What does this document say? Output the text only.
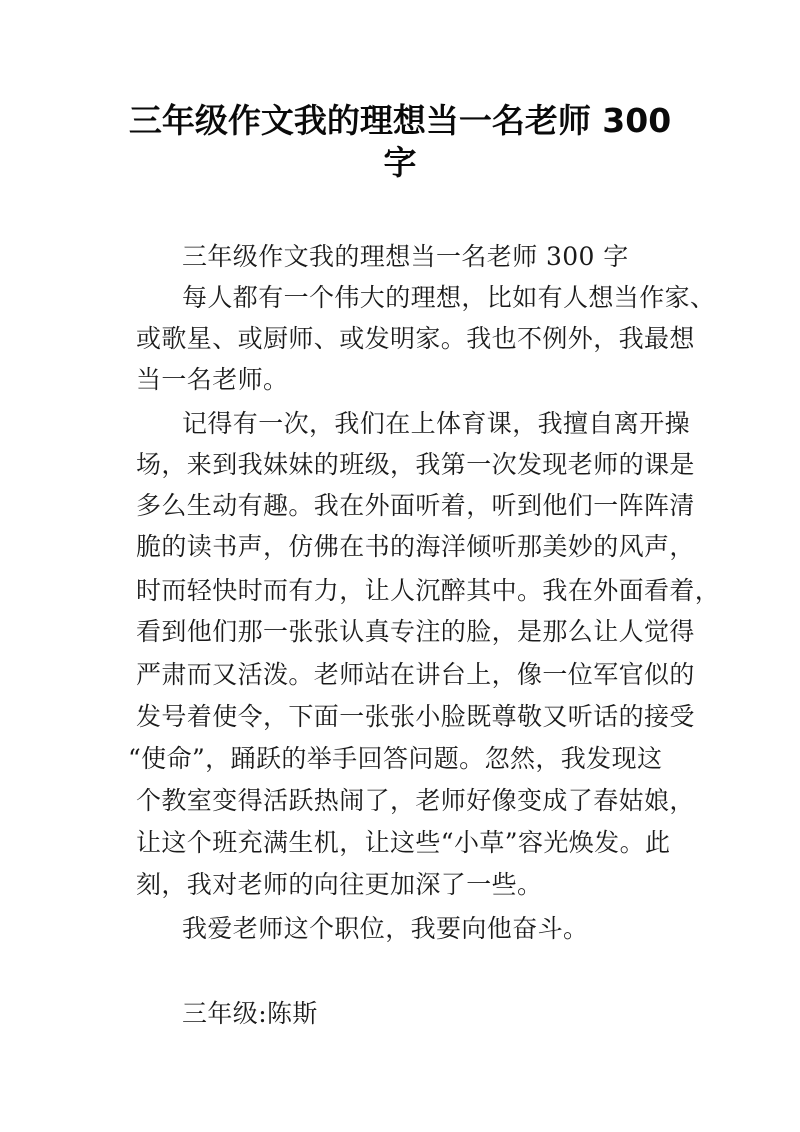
三年级作文我的理想当一名老师 300
字
三年级作文我的理想当一名老师 300 字
每人都有一个伟大的理想，比如有人想当作家、
或歌星、或厨师、或发明家。我也不例外，我最想
当一名老师。
记得有一次，我们在上体育课，我擅自离开操
场，来到我妹妹的班级，我第一次发现老师的课是
多么生动有趣。我在外面听着，听到他们一阵阵清
脆的读书声，仿佛在书的海洋倾听那美妙的风声，
时而轻快时而有力，让人沉醉其中。我在外面看着，
看到他们那一张张认真专注的脸，是那么让人觉得
严肃而又活泼。老师站在讲台上，像一位军官似的
发号着使令，下面一张张小脸既尊敬又听话的接受
“使命”，踊跃的举手回答问题。忽然，我发现这
个教室变得活跃热闹了，老师好像变成了春姑娘，
让这个班充满生机，让这些“小草”容光焕发。此
刻，我对老师的向往更加深了一些。
我爱老师这个职位，我要向他奋斗。
三年级:陈斯
